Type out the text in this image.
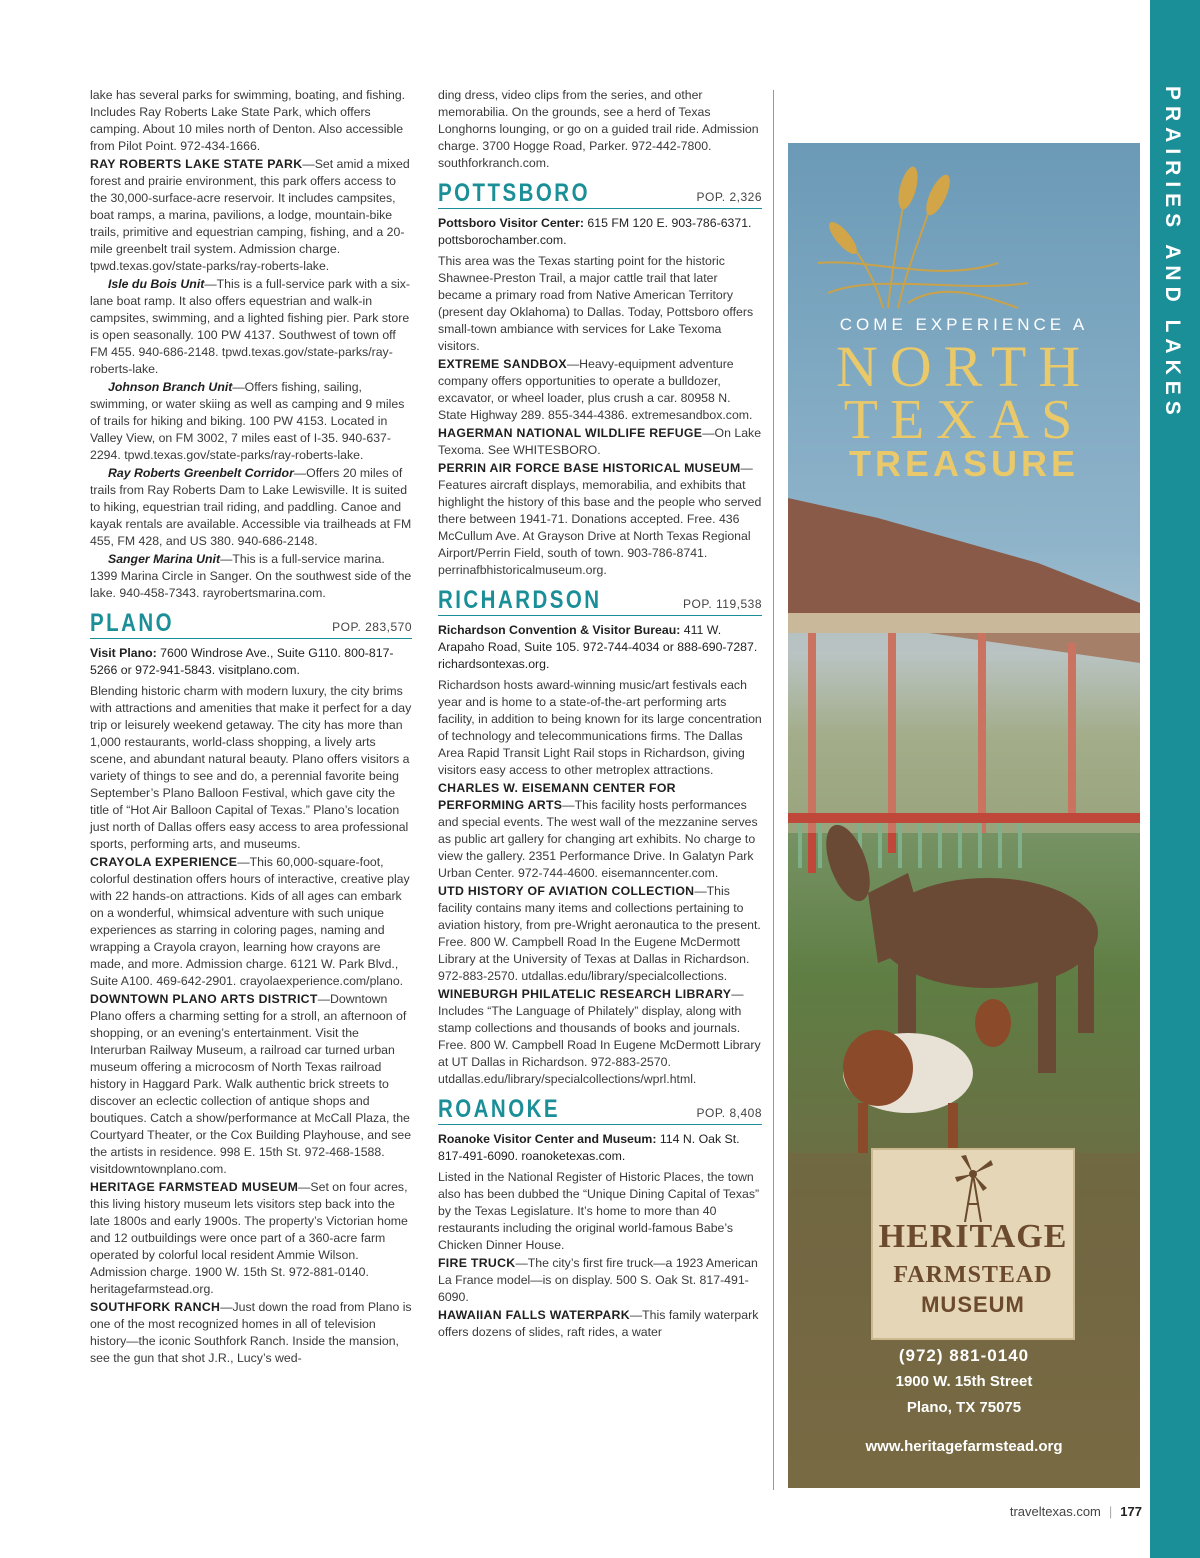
PRAIRIES AND LAKES

lake has several parks for swimming, boating, and fishing. Includes Ray Roberts Lake State Park, which offers camping. About 10 miles north of Denton. Also accessible from Pilot Point. 972-434-1666.

RAY ROBERTS LAKE STATE PARK—Set amid a mixed forest and prairie environment, this park offers access to the 30,000-surface-acre reservoir. It includes campsites, boat ramps, a marina, pavilions, a lodge, mountain-bike trails, primitive and equestrian camping, fishing, and a 20-mile greenbelt trail system. Admission charge. tpwd.texas.gov/state-parks/ray-roberts-lake.

Isle du Bois Unit—This is a full-service park with a six-lane boat ramp. It also offers equestrian and walk-in campsites, swimming, and a lighted fishing pier. Park store is open seasonally. 100 PW 4137. Southwest of town off FM 455. 940-686-2148. tpwd.texas.gov/state-parks/ray-roberts-lake.

Johnson Branch Unit—Offers fishing, sailing, swimming, or water skiing as well as camping and 9 miles of trails for hiking and biking. 100 PW 4153. Located in Valley View, on FM 3002, 7 miles east of I-35. 940-637-2294. tpwd.texas.gov/state-parks/ray-roberts-lake.

Ray Roberts Greenbelt Corridor—Offers 20 miles of trails from Ray Roberts Dam to Lake Lewisville. It is suited to hiking, equestrian trail riding, and paddling. Canoe and kayak rentals are available. Accessible via trailheads at FM 455, FM 428, and US 380. 940-686-2148.

Sanger Marina Unit—This is a full-service marina. 1399 Marina Circle in Sanger. On the southwest side of the lake. 940-458-7343. rayrobertsmarina.com.

PLANO	POP. 283,570

Visit Plano: 7600 Windrose Ave., Suite G110. 800-817-5266 or 972-941-5843. visitplano.com.

Blending historic charm with modern luxury, the city brims with attractions and amenities that make it perfect for a day trip or leisurely weekend getaway. The city has more than 1,000 restaurants, world-class shopping, a lively arts scene, and abundant natural beauty. Plano offers visitors a variety of things to see and do, a perennial favorite being September’s Plano Balloon Festival, which gave city the title of “Hot Air Balloon Capital of Texas.” Plano’s location just north of Dallas offers easy access to area professional sports, performing arts, and museums.

CRAYOLA EXPERIENCE—This 60,000-square-foot, colorful destination offers hours of interactive, creative play with 22 hands-on attractions. Kids of all ages can embark on a wonderful, whimsical adventure with such unique experiences as starring in coloring pages, naming and wrapping a Crayola crayon, learning how crayons are made, and more. Admission charge. 6121 W. Park Blvd., Suite A100. 469-642-2901. crayolaexperience.com/plano.

DOWNTOWN PLANO ARTS DISTRICT—Downtown Plano offers a charming setting for a stroll, an afternoon of shopping, or an evening’s entertainment. Visit the Interurban Railway Museum, a railroad car turned urban museum offering a microcosm of North Texas railroad history in Haggard Park. Walk authentic brick streets to discover an eclectic collection of antique shops and boutiques. Catch a show/performance at McCall Plaza, the Courtyard Theater, or the Cox Building Playhouse, and see the artists in residence. 998 E. 15th St. 972-468-1588. visitdowntownplano.com.

HERITAGE FARMSTEAD MUSEUM—Set on four acres, this living history museum lets visitors step back into the late 1800s and early 1900s. The property’s Victorian home and 12 outbuildings were once part of a 360-acre farm operated by colorful local resident Ammie Wilson. Admission charge. 1900 W. 15th St. 972-881-0140. heritagefarmstead.org.

SOUTHFORK RANCH—Just down the road from Plano is one of the most recognized homes in all of television history—the iconic Southfork Ranch. Inside the mansion, see the gun that shot J.R., Lucy’s wed-

ding dress, video clips from the series, and other memorabilia. On the grounds, see a herd of Texas Longhorns lounging, or go on a guided trail ride. Admission charge. 3700 Hogge Road, Parker. 972-442-7800. southforkranch.com.

POTTSBORO	POP. 2,326

Pottsboro Visitor Center: 615 FM 120 E. 903-786-6371. pottsborochamber.com.

This area was the Texas starting point for the historic Shawnee-Preston Trail, a major cattle trail that later became a primary road from Native American Territory (present day Oklahoma) to Dallas. Today, Pottsboro offers small-town ambiance with services for Lake Texoma visitors.

EXTREME SANDBOX—Heavy-equipment adventure company offers opportunities to operate a bulldozer, excavator, or wheel loader, plus crush a car. 80958 N. State Highway 289. 855-344-4386. extremesandbox.com.

HAGERMAN NATIONAL WILDLIFE REFUGE—On Lake Texoma. See WHITESBORO.

PERRIN AIR FORCE BASE HISTORICAL MUSEUM—Features aircraft displays, memorabilia, and exhibits that highlight the history of this base and the people who served there between 1941-71. Donations accepted. Free. 436 McCullum Ave. At Grayson Drive at North Texas Regional Airport/Perrin Field, south of town. 903-786-8741. perrinafbhistoricalmuseum.org.

RICHARDSON	POP. 119,538

Richardson Convention & Visitor Bureau: 411 W. Arapaho Road, Suite 105. 972-744-4034 or 888-690-7287. richardsontexas.org.

Richardson hosts award-winning music/art festivals each year and is home to a state-of-the-art performing arts facility, in addition to being known for its large concentration of technology and telecommunications firms. The Dallas Area Rapid Transit Light Rail stops in Richardson, giving visitors easy access to other metroplex attractions.

CHARLES W. EISEMANN CENTER FOR PERFORMING ARTS—This facility hosts performances and special events. The west wall of the mezzanine serves as public art gallery for changing art exhibits. No charge to view the gallery. 2351 Performance Drive. In Galatyn Park Urban Center. 972-744-4600. eisemanncenter.com.

UTD HISTORY OF AVIATION COLLECTION—This facility contains many items and collections pertaining to aviation history, from pre-Wright aeronautica to the present. Free. 800 W. Campbell Road In the Eugene McDermott Library at the University of Texas at Dallas in Richardson. 972-883-2570. utdallas.edu/library/specialcollections.

WINEBURGH PHILATELIC RESEARCH LIBRARY—Includes “The Language of Philately” display, along with stamp collections and thousands of books and journals. Free. 800 W. Campbell Road In Eugene McDermott Library at UT Dallas in Richardson. 972-883-2570. utdallas.edu/library/specialcollections/wprl.html.

ROANOKE	POP. 8,408

Roanoke Visitor Center and Museum: 114 N. Oak St. 817-491-6090. roanoketexas.com.

Listed in the National Register of Historic Places, the town also has been dubbed the “Unique Dining Capital of Texas” by the Texas Legislature. It’s home to more than 40 restaurants including the original world-famous Babe’s Chicken Dinner House.

FIRE TRUCK—The city’s first fire truck—a 1923 American La France model—is on display. 500 S. Oak St. 817-491-6090.

HAWAIIAN FALLS WATERPARK—This family waterpark offers dozens of slides, raft rides, a water

COME EXPERIENCE A
NORTH
TEXAS
TREASURE
HERITAGE
FARMSTEAD
MUSEUM
(972) 881-0140
1900 W. 15th Street
Plano, TX 75075
www.heritagefarmstead.org
traveltexas.com | 177
